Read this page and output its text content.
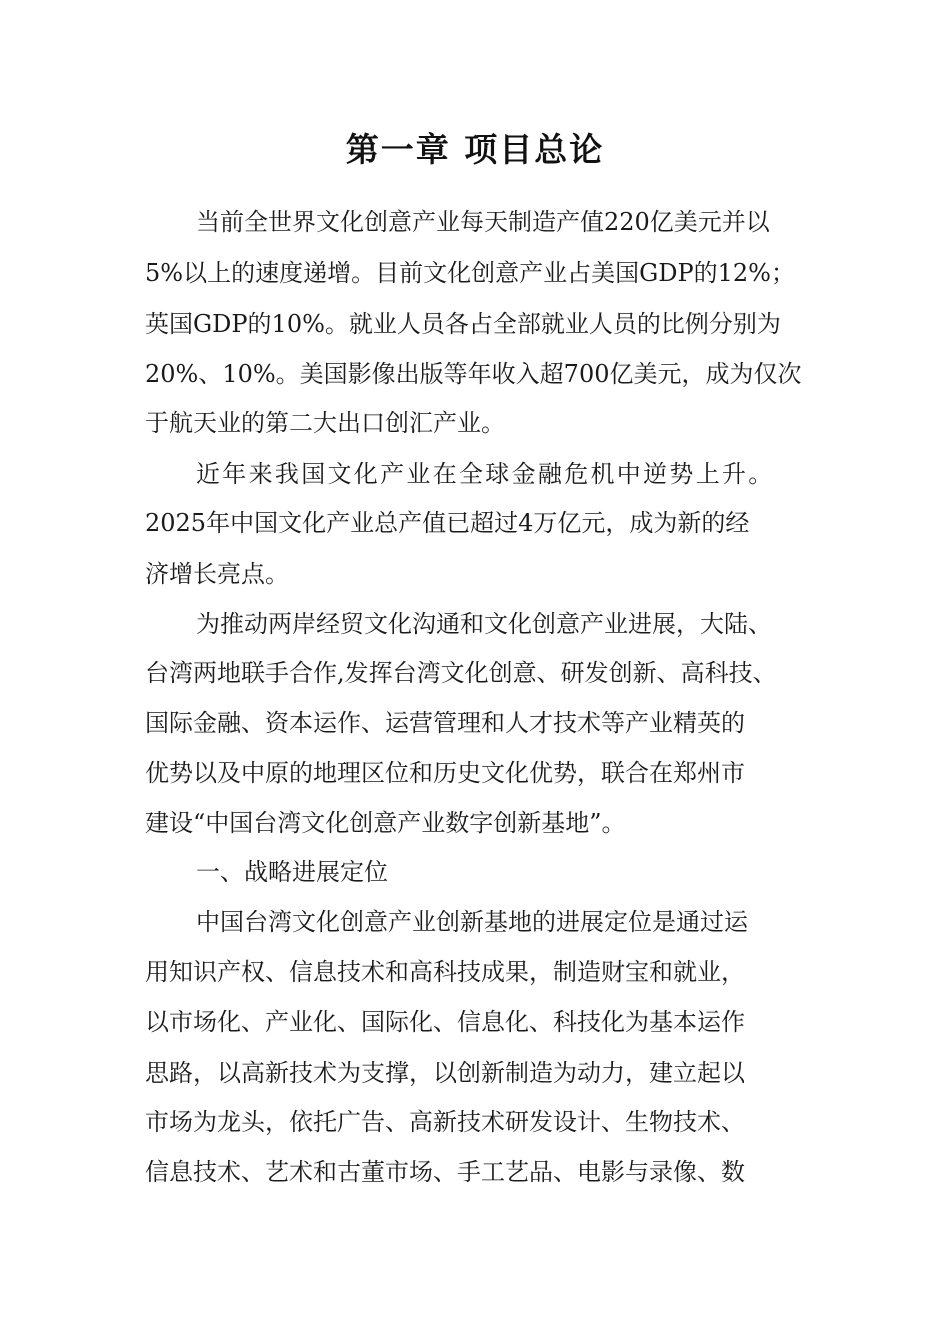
第一章 项目总论
当前全世界文化创意产业每天制造产值220亿美元并以
5%以上的速度递增。目前文化创意产业占美国GDP的12%；
英国GDP的10%。就业人员各占全部就业人员的比例分别为
20%、10%。美国影像出版等年收入超700亿美元，成为仅次
于航天业的第二大出口创汇产业。
近年来我国文化产业在全球金融危机中逆势上升。
2025年中国文化产业总产值已超过4万亿元，成为新的经
济增长亮点。
为推动两岸经贸文化沟通和文化创意产业进展，大陆、
台湾两地联手合作,发挥台湾文化创意、研发创新、高科技、
国际金融、资本运作、运营管理和人才技术等产业精英的
优势以及中原的地理区位和历史文化优势，联合在郑州市
建设“中国台湾文化创意产业数字创新基地”。
一、战略进展定位
中国台湾文化创意产业创新基地的进展定位是通过运
用知识产权、信息技术和高科技成果，制造财宝和就业，
以市场化、产业化、国际化、信息化、科技化为基本运作
思路，以高新技术为支撑，以创新制造为动力，建立起以
市场为龙头，依托广告、高新技术研发设计、生物技术、
信息技术、艺术和古董市场、手工艺品、电影与录像、数
